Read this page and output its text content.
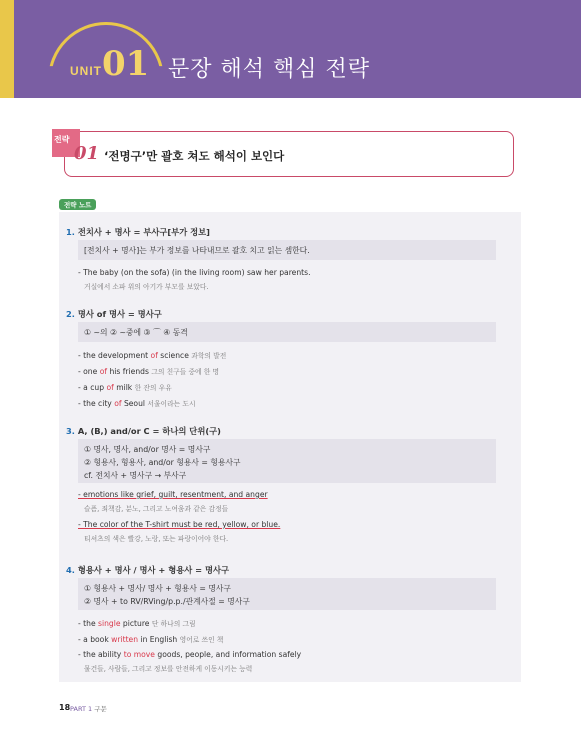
UNIT 01 문장 해석 핵심 전략
전략
01 ‘전명구’만 괄호 쳐도 해석이 보인다
전략 노트
1. 전치사 + 명사 = 부사구[부가 정보]
[전치사 + 명사]는 부가 정보를 나타내므로 괄호 치고 읽는 셈한다.
- The baby (on the sofa) (in the living room) saw her parents.
거실에서 소파 위의 아기가 부모를 보았다.
2. 명사 of 명사 = 명사구
① ~의 ② ~중에 ③ ⌒ ④ 동격
- the development of science 과학의 발전
- one of his friends 그의 친구들 중에 한 명
- a cup of milk 한 잔의 우유
- the city of Seoul 서울이라는 도시
3. A, (B,) and/or C = 하나의 단위(구)
① 명사, 명사, and/or 명사 = 명사구
② 형용사, 형용사, and/or 형용사 = 형용사구
cf. 전치사 + 명사구 → 부사구
- emotions like grief, guilt, resentment, and anger
슬픔, 죄책감, 분노, 그리고 노여움과 같은 감정들
- The color of the T-shirt must be red, yellow, or blue.
티셔츠의 색은 빨강, 노랑, 또는 파랑이어야 한다.
4. 형용사 + 명사 / 명사 + 형용사 = 명사구
① 형용사 + 명사/ 명사 + 형용사 = 명사구
② 명사 + to RV/RVing/p.p./관계사절 = 명사구
- the single picture 단 하나의 그림
- a book written in English 영어로 쓰인 책
- the ability to move goods, people, and information safely
물건들, 사람들, 그리고 정보를 안전하게 이동시키는 능력
18 PART 1 구문
